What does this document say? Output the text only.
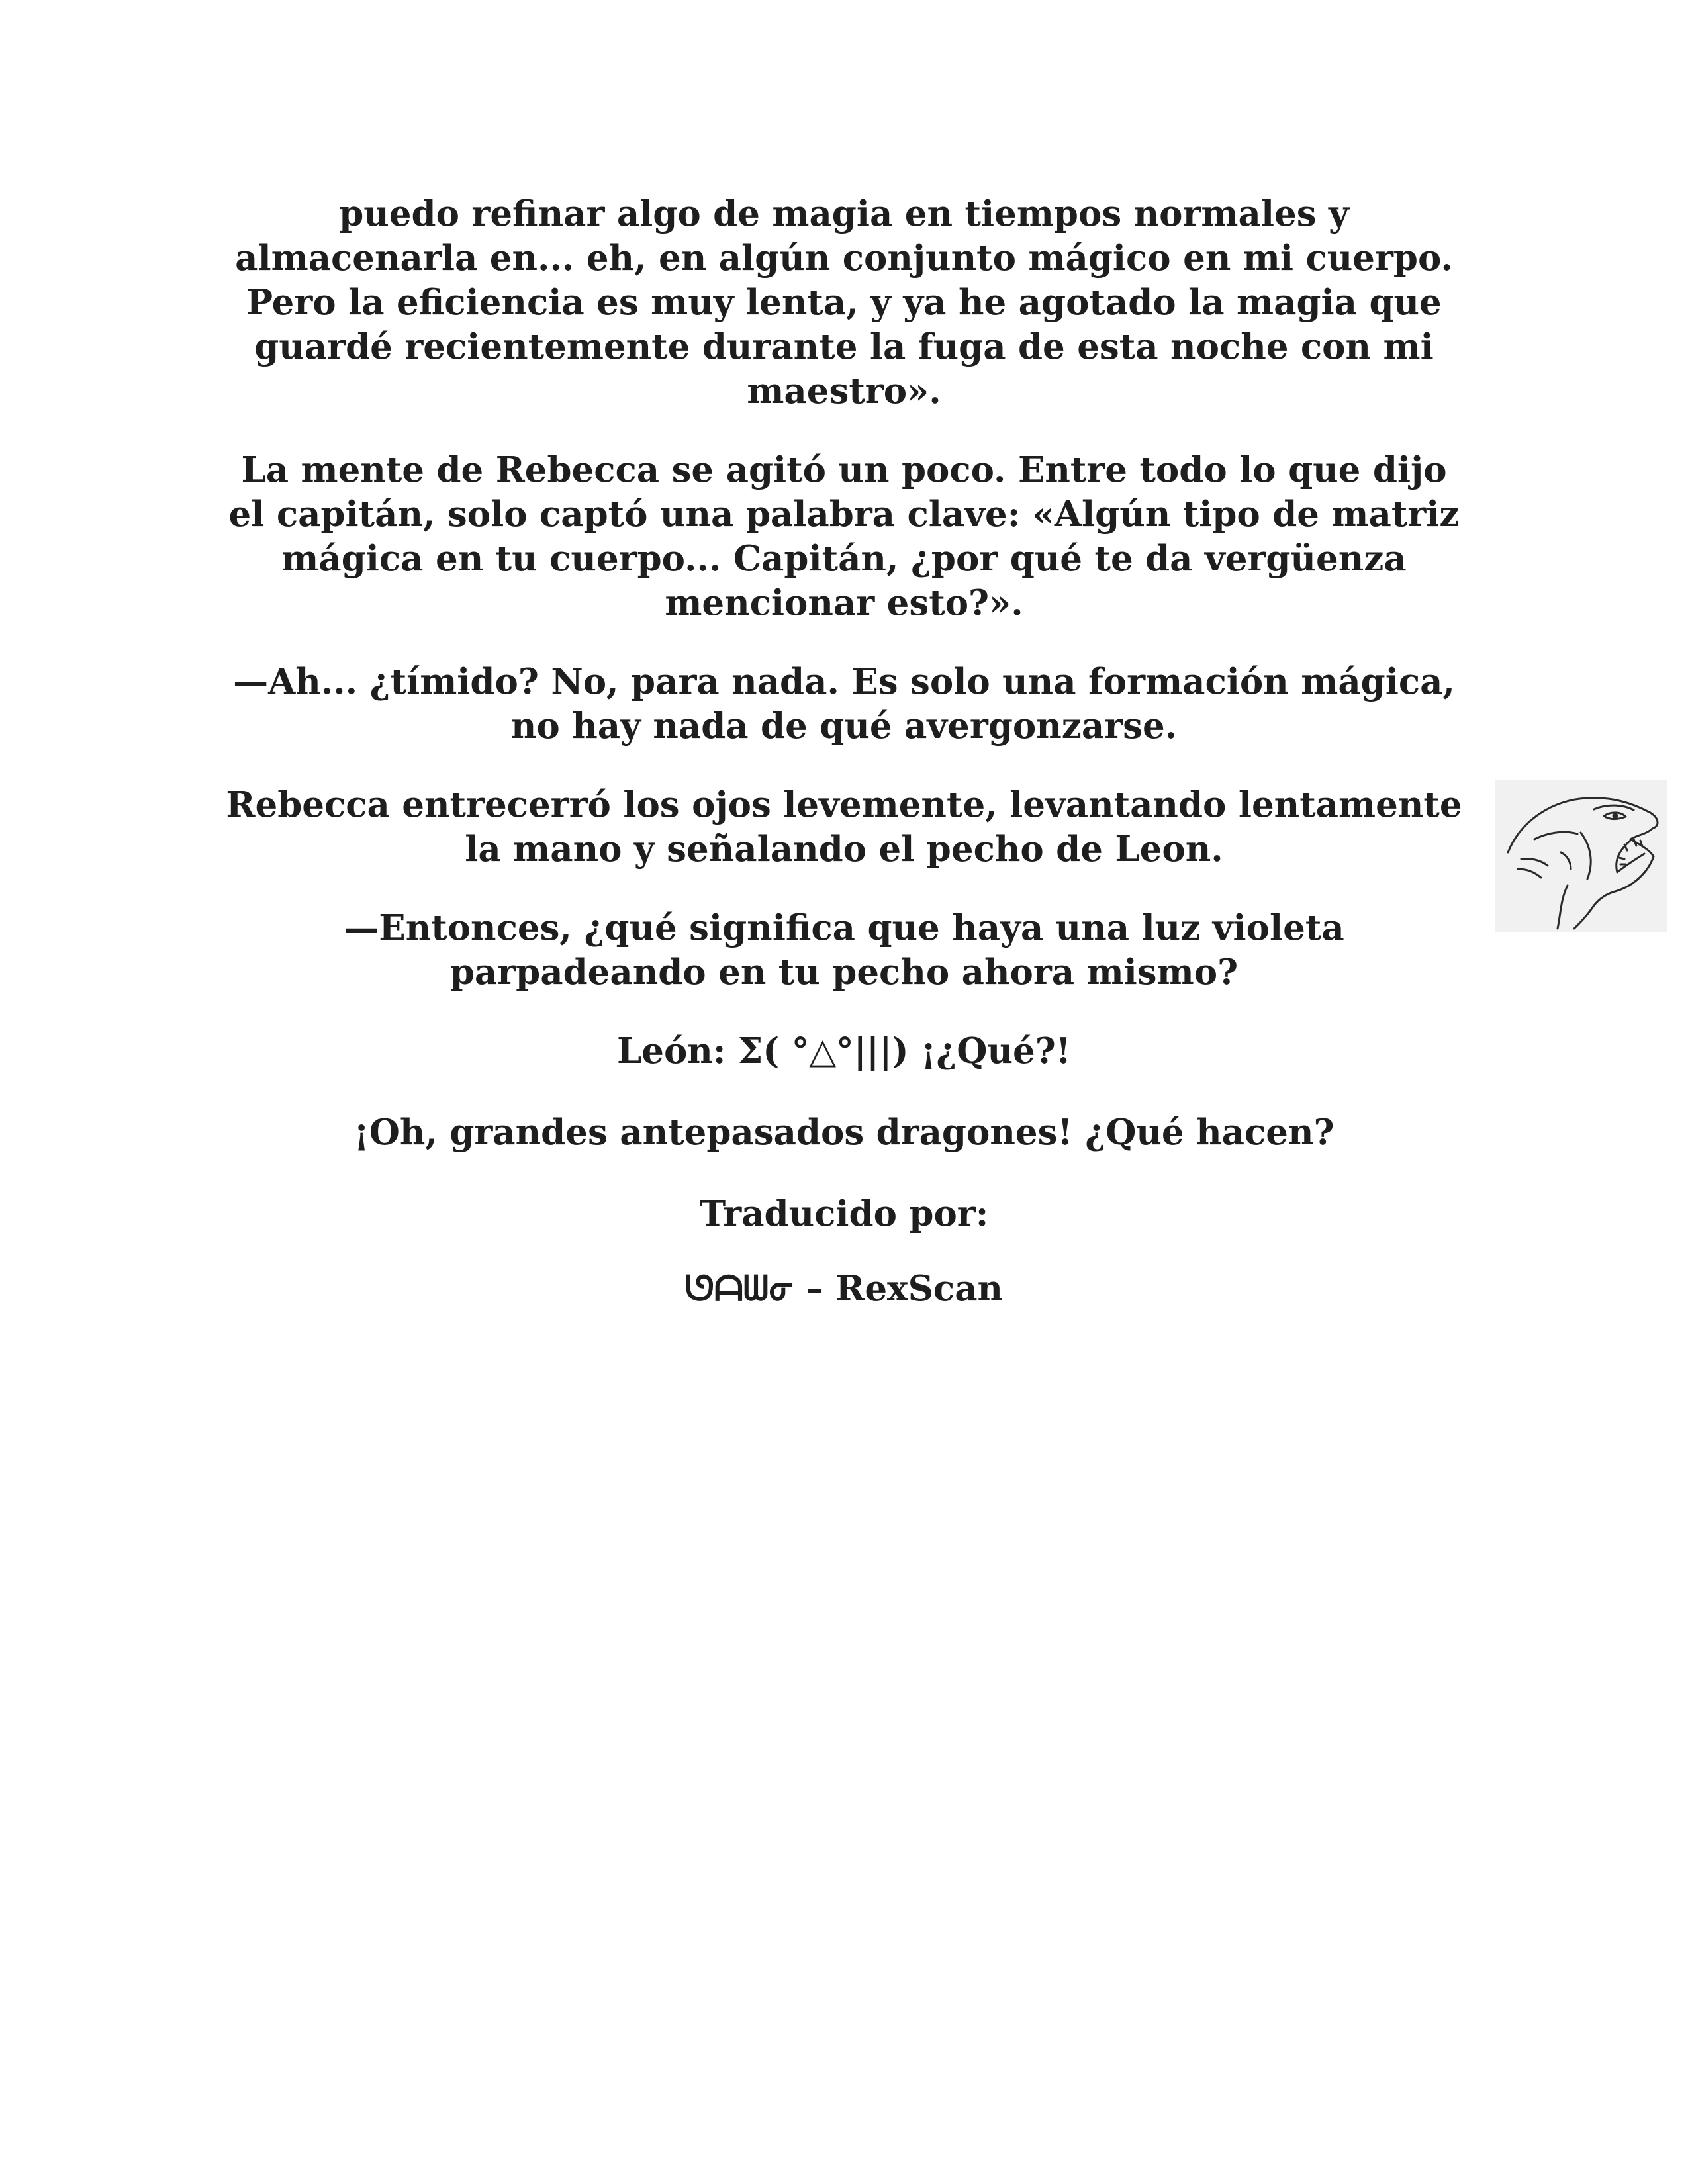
puedo refinar algo de magia en tiempos normales y almacenarla en... eh, en algún conjunto mágico en mi cuerpo. Pero la eficiencia es muy lenta, y ya he agotado la magia que guardé recientemente durante la fuga de esta noche con mi maestro».

La mente de Rebecca se agitó un poco. Entre todo lo que dijo el capitán, solo captó una palabra clave: «Algún tipo de matriz mágica en tu cuerpo... Capitán, ¿por qué te da vergüenza mencionar esto?».

—Ah... ¿tímido? No, para nada. Es solo una formación mágica, no hay nada de qué avergonzarse.

Rebecca entrecerró los ojos levemente, levantando lentamente la mano y señalando el pecho de Leon.

—Entonces, ¿qué significa que haya una luz violeta parpadeando en tu pecho ahora mismo?

León: Σ( °△°|||) ¡¿Qué?!

¡Oh, grandes antepasados dragones! ¿Qué hacen?

Traducido por:

ᘎᗩᗯᓂ – RexScan
